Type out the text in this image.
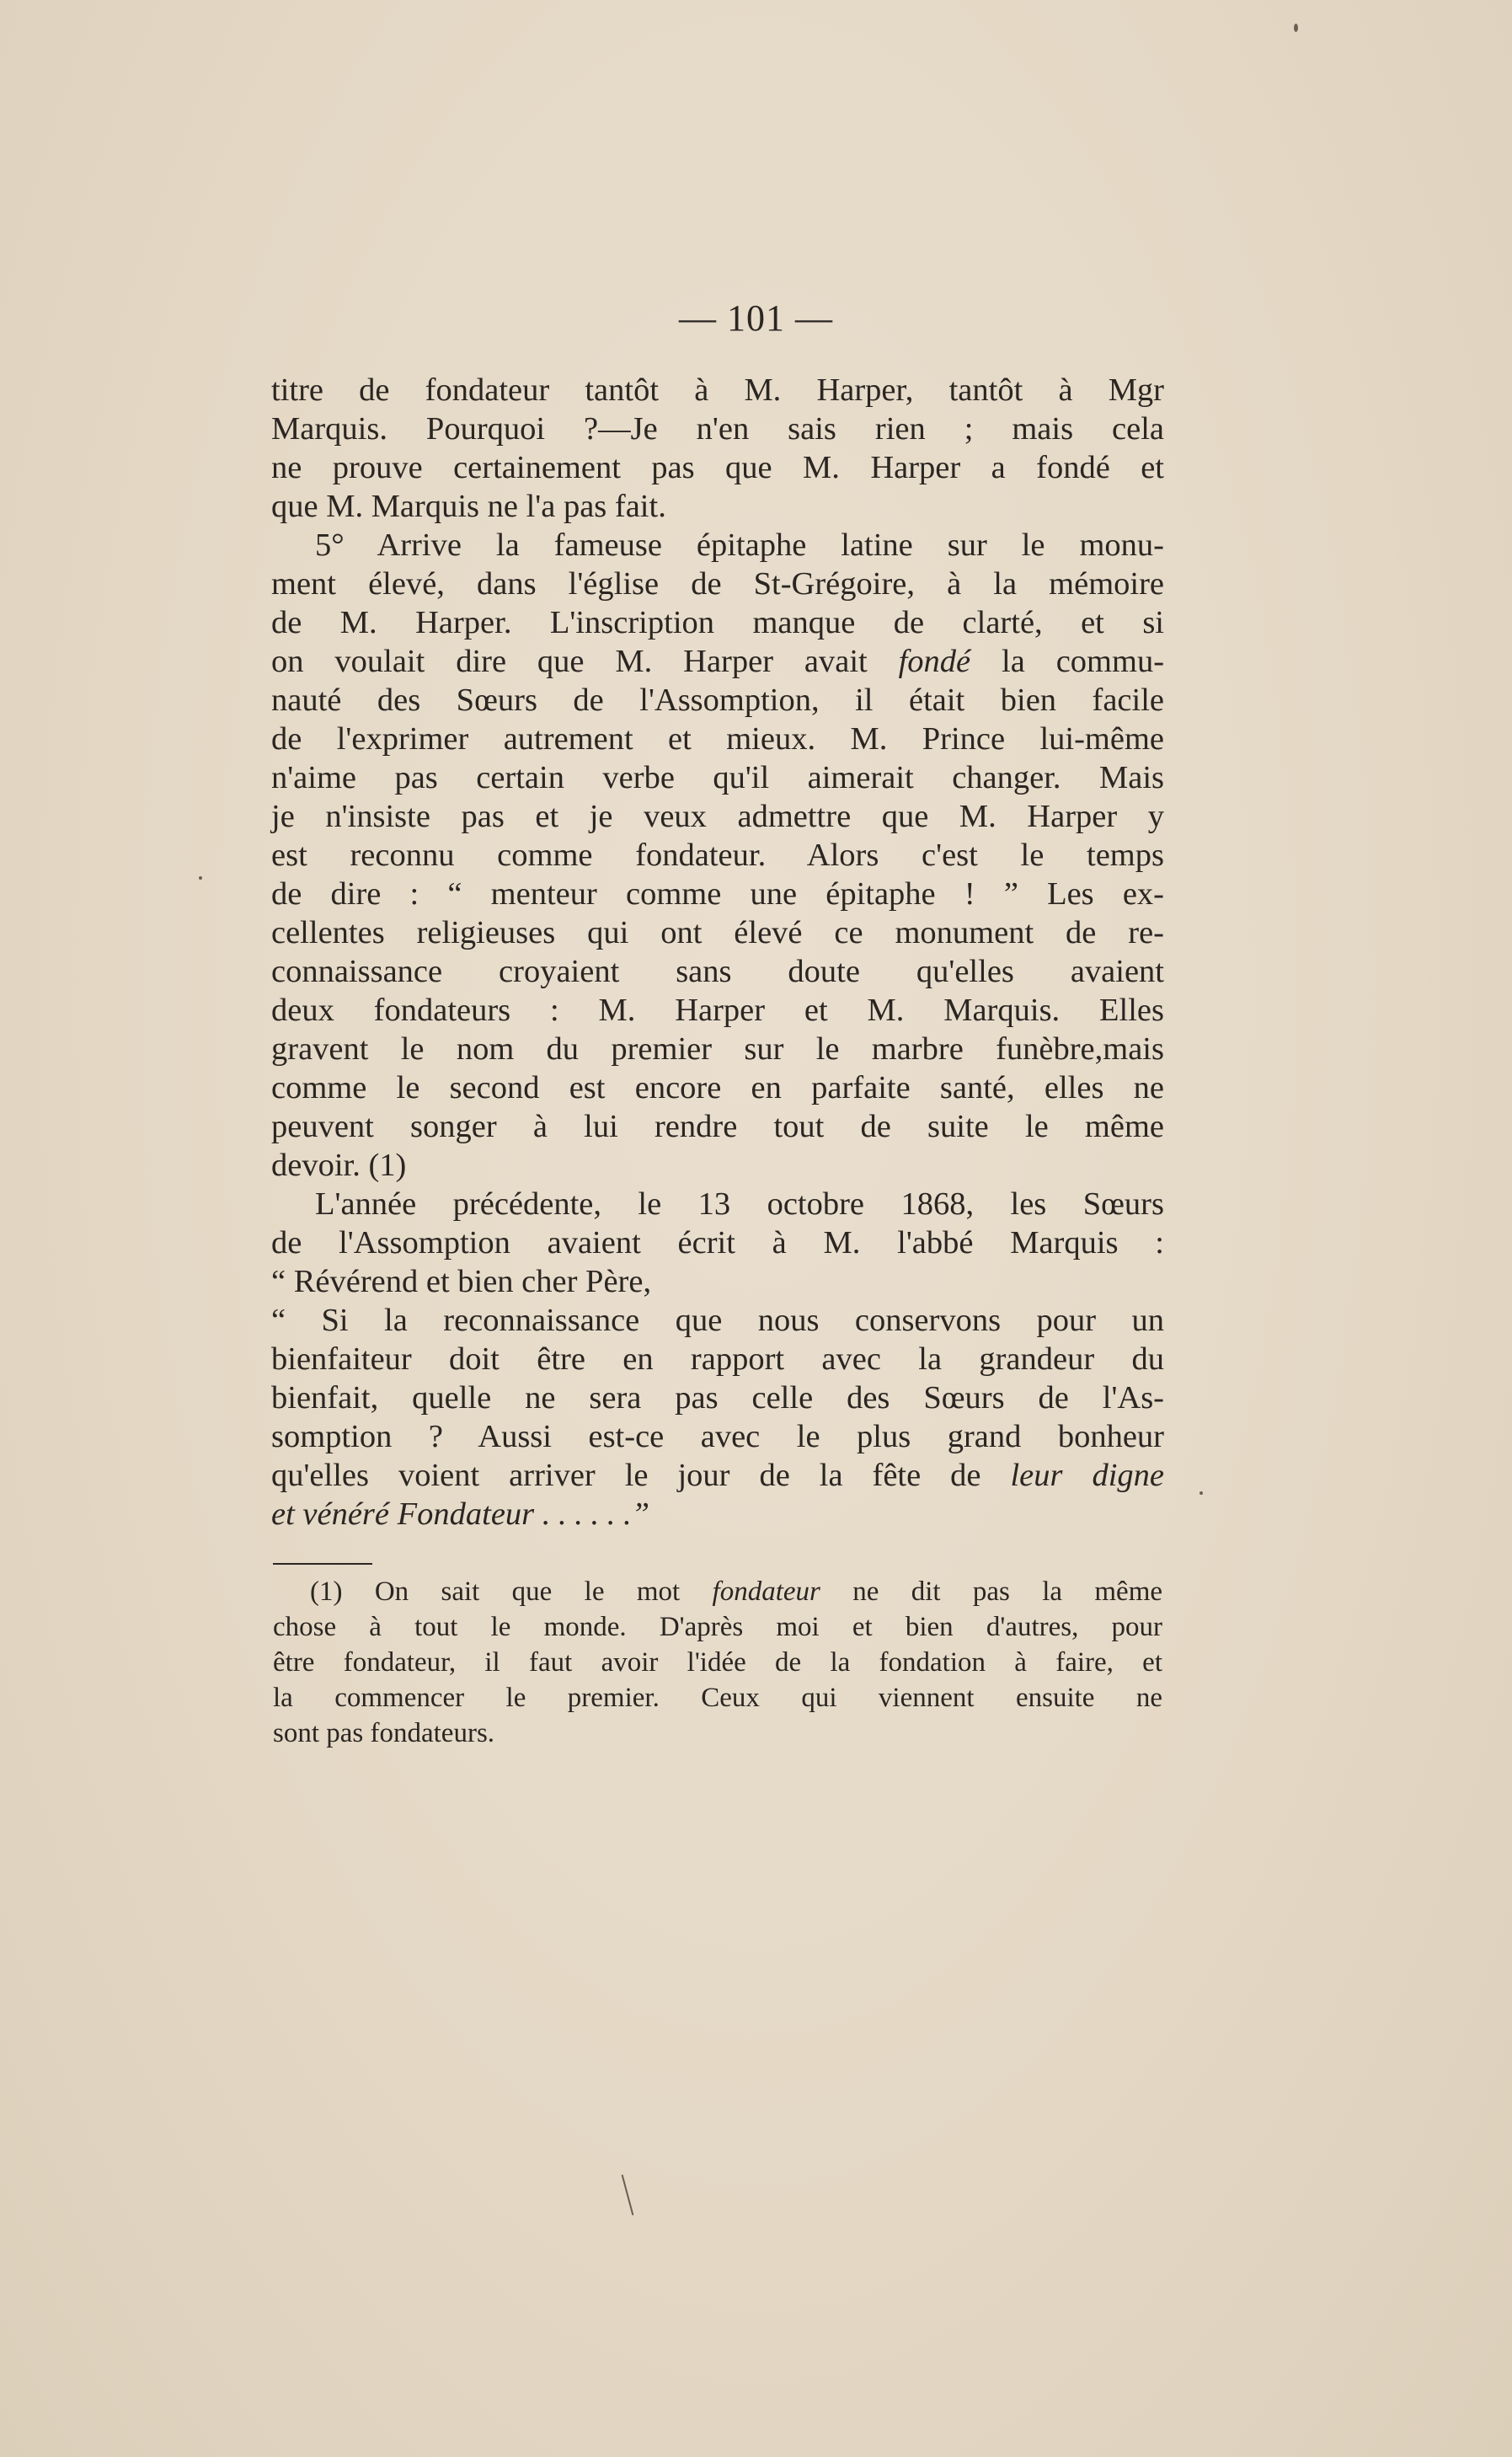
— 101 —
titre de fondateur tantôt à M. Harper, tantôt à Mgr
Marquis. Pourquoi ?—Je n'en sais rien ; mais cela
ne prouve certainement pas que M. Harper a fondé et
que M. Marquis ne l'a pas fait.
5° Arrive la fameuse épitaphe latine sur le monu-
ment élevé, dans l'église de St-Grégoire, à la mémoire
de M. Harper. L'inscription manque de clarté, et si
on voulait dire que M. Harper avait fondé la commu-
nauté des Sœurs de l'Assomption, il était bien facile
de l'exprimer autrement et mieux. M. Prince lui-même
n'aime pas certain verbe qu'il aimerait changer. Mais
je n'insiste pas et je veux admettre que M. Harper y
est reconnu comme fondateur. Alors c'est le temps
de dire : “ menteur comme une épitaphe ! ” Les ex-
cellentes religieuses qui ont élevé ce monument de re-
connaissance croyaient sans doute qu'elles avaient
deux fondateurs : M. Harper et M. Marquis. Elles
gravent le nom du premier sur le marbre funèbre,mais
comme le second est encore en parfaite santé, elles ne
peuvent songer à lui rendre tout de suite le même
devoir. (1)
L'année précédente, le 13 octobre 1868, les Sœurs
de l'Assomption avaient écrit à M. l'abbé Marquis :
“ Révérend et bien cher Père,
“ Si la reconnaissance que nous conservons pour un
bienfaiteur doit être en rapport avec la grandeur du
bienfait, quelle ne sera pas celle des Sœurs de l'As-
somption ? Aussi est-ce avec le plus grand bonheur
qu'elles voient arriver le jour de la fête de leur digne
et vénéré Fondateur . . . . . .”
(1) On sait que le mot fondateur ne dit pas la même
chose à tout le monde. D'après moi et bien d'autres, pour
être fondateur, il faut avoir l'idée de la fondation à faire, et
la commencer le premier. Ceux qui viennent ensuite ne
sont pas fondateurs.
